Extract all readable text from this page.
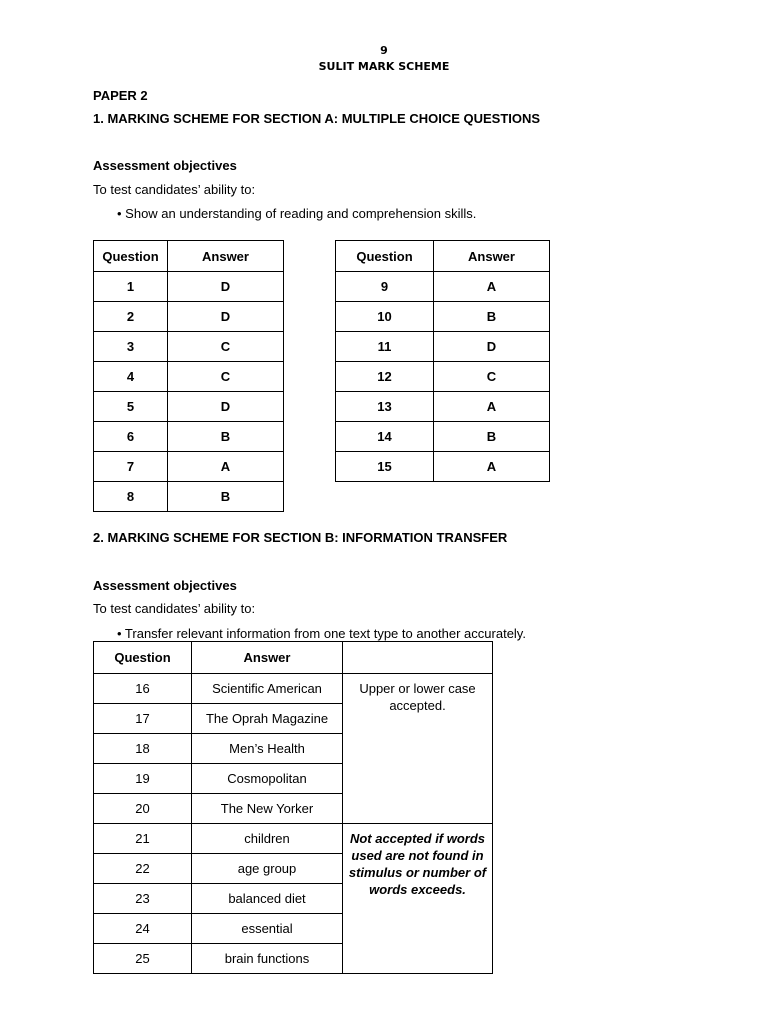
9
SULIT MARK SCHEME
PAPER 2
1. MARKING SCHEME FOR SECTION A: MULTIPLE CHOICE QUESTIONS
Assessment objectives
To test candidates’ ability to:
• Show an understanding of reading and comprehension skills.
Question	Answer
1	D
2	D
3	C
4	C
5	D
6	B
7	A
8	B
Question	Answer
9	A
10	B
11	D
12	C
13	A
14	B
15	A
2. MARKING SCHEME FOR SECTION B: INFORMATION TRANSFER
Assessment objectives
To test candidates’ ability to:
• Transfer relevant information from one text type to another accurately.
Question	Answer	
16	Scientific American	Upper or lower case accepted.
17	The Oprah Magazine	
18	Men’s Health	
19	Cosmopolitan	
20	The New Yorker	
21	children	Not accepted if words used are not found in stimulus or number of words exceeds.
22	age group	
23	balanced diet	
24	essential	
25	brain functions	
